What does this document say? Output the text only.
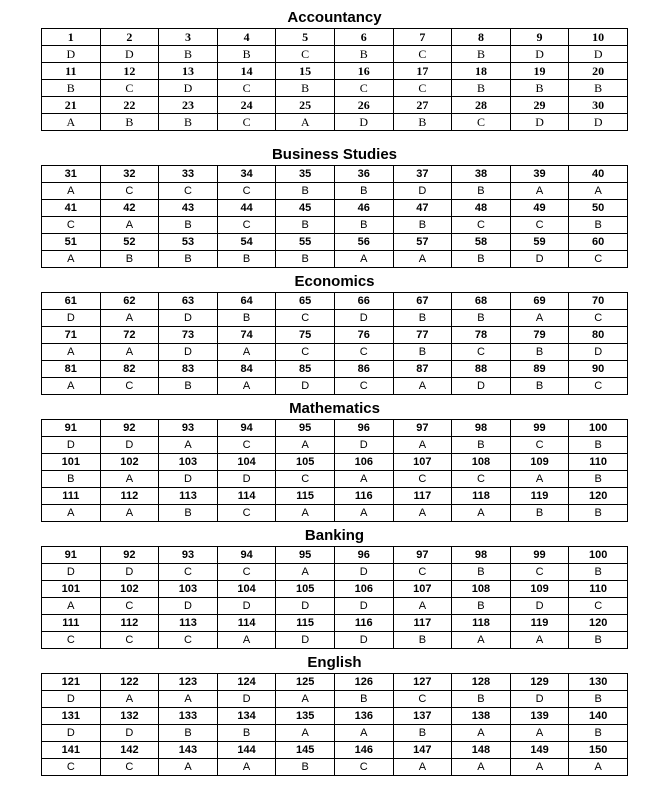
Accountancy
1	2	3	4	5	6	7	8	9	10
D	D	B	B	C	B	C	B	D	D
11	12	13	14	15	16	17	18	19	20
B	C	D	C	B	C	C	B	B	B
21	22	23	24	25	26	27	28	29	30
A	B	B	C	A	D	B	C	D	D
Business Studies
31	32	33	34	35	36	37	38	39	40
A	C	C	C	B	B	D	B	A	A
41	42	43	44	45	46	47	48	49	50
C	A	B	C	B	B	B	C	C	B
51	52	53	54	55	56	57	58	59	60
A	B	B	B	B	A	A	B	D	C
Economics
61	62	63	64	65	66	67	68	69	70
D	A	D	B	C	D	B	B	A	C
71	72	73	74	75	76	77	78	79	80
A	A	D	A	C	C	B	C	B	D
81	82	83	84	85	86	87	88	89	90
A	C	B	A	D	C	A	D	B	C
Mathematics
91	92	93	94	95	96	97	98	99	100
D	D	A	C	A	D	A	B	C	B
101	102	103	104	105	106	107	108	109	110
B	A	D	D	C	A	C	C	A	B
111	112	113	114	115	116	117	118	119	120
A	A	B	C	A	A	A	A	B	B
Banking
91	92	93	94	95	96	97	98	99	100
D	D	C	C	A	D	C	B	C	B
101	102	103	104	105	106	107	108	109	110
A	C	D	D	D	D	A	B	D	C
111	112	113	114	115	116	117	118	119	120
C	C	C	A	D	D	B	A	A	B
English
121	122	123	124	125	126	127	128	129	130
D	A	A	D	A	B	C	B	D	B
131	132	133	134	135	136	137	138	139	140
D	D	B	B	A	A	B	A	A	B
141	142	143	144	145	146	147	148	149	150
C	C	A	A	B	C	A	A	A	A
